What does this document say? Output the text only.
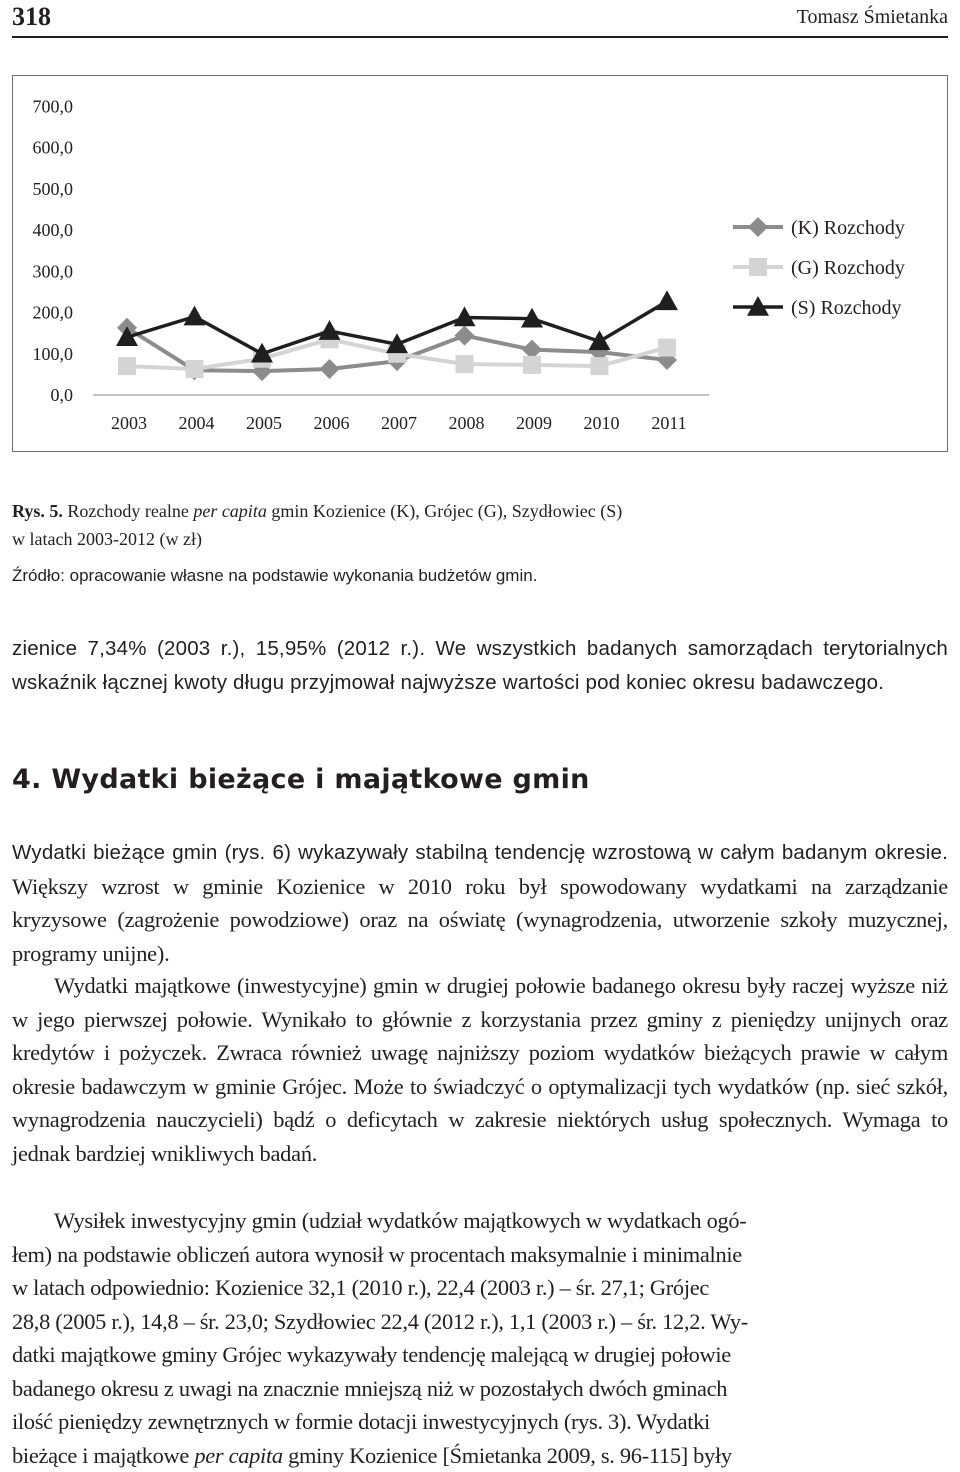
318	Tomasz Śmietanka
0,0
100,0
200,0
300,0
400,0
500,0
600,0
700,0
2003 2004 2005 2006 2007 2008 2009 2010 2011
(K) Rozchody
(G) Rozchody
(S) Rozchody
Rys. 5. Rozchody realne per capita gmin Kozienice (K), Grójec (G), Szydłowiec (S)
w latach 2003-2012 (w zł)
Źródło: opracowanie własne na podstawie wykonania budżetów gmin.

zienice 7,34% (2003 r.), 15,95% (2012 r.). We wszystkich badanych samorządach terytorialnych wskaźnik łącznej kwoty długu przyjmował najwyższe wartości pod koniec okresu badawczego.

4. Wydatki bieżące i majątkowe gmin

Wydatki bieżące gmin (rys. 6) wykazywały stabilną tendencję wzrostową w całym badanym okresie. Większy wzrost w gminie Kozienice w 2010 roku był spowodowany wydatkami na zarządzanie kryzysowe (zagrożenie powodziowe) oraz na oświatę (wynagrodzenia, utworzenie szkoły muzycznej, programy unijne).

Wydatki majątkowe (inwestycyjne) gmin w drugiej połowie badanego okresu były raczej wyższe niż w jego pierwszej połowie. Wynikało to głównie z korzystania przez gminy z pieniędzy unijnych oraz kredytów i pożyczek. Zwraca również uwagę najniższy poziom wydatków bieżących prawie w całym okresie badawczym w gminie Grójec. Może to świadczyć o optymalizacji tych wydatków (np. sieć szkół, wynagrodzenia nauczycieli) bądź o deficytach w zakresie niektórych usług społecznych. Wymaga to jednak bardziej wnikliwych badań.

Wysiłek inwestycyjny gmin (udział wydatków majątkowych w wydatkach ogó-
łem) na podstawie obliczeń autora wynosił w procentach maksymalnie i minimalnie
w latach odpowiednio: Kozienice 32,1 (2010 r.), 22,4 (2003 r.) – śr. 27,1; Grójec
28,8 (2005 r.), 14,8 – śr. 23,0; Szydłowiec 22,4 (2012 r.), 1,1 (2003 r.) – śr. 12,2. Wy-
datki majątkowe gminy Grójec wykazywały tendencję malejącą w drugiej połowie
badanego okresu z uwagi na znacznie mniejszą niż w pozostałych dwóch gminach
ilość pieniędzy zewnętrznych w formie dotacji inwestycyjnych (rys. 3). Wydatki
bieżące i majątkowe per capita gminy Kozienice [Śmietanka 2009, s. 96-115] były
